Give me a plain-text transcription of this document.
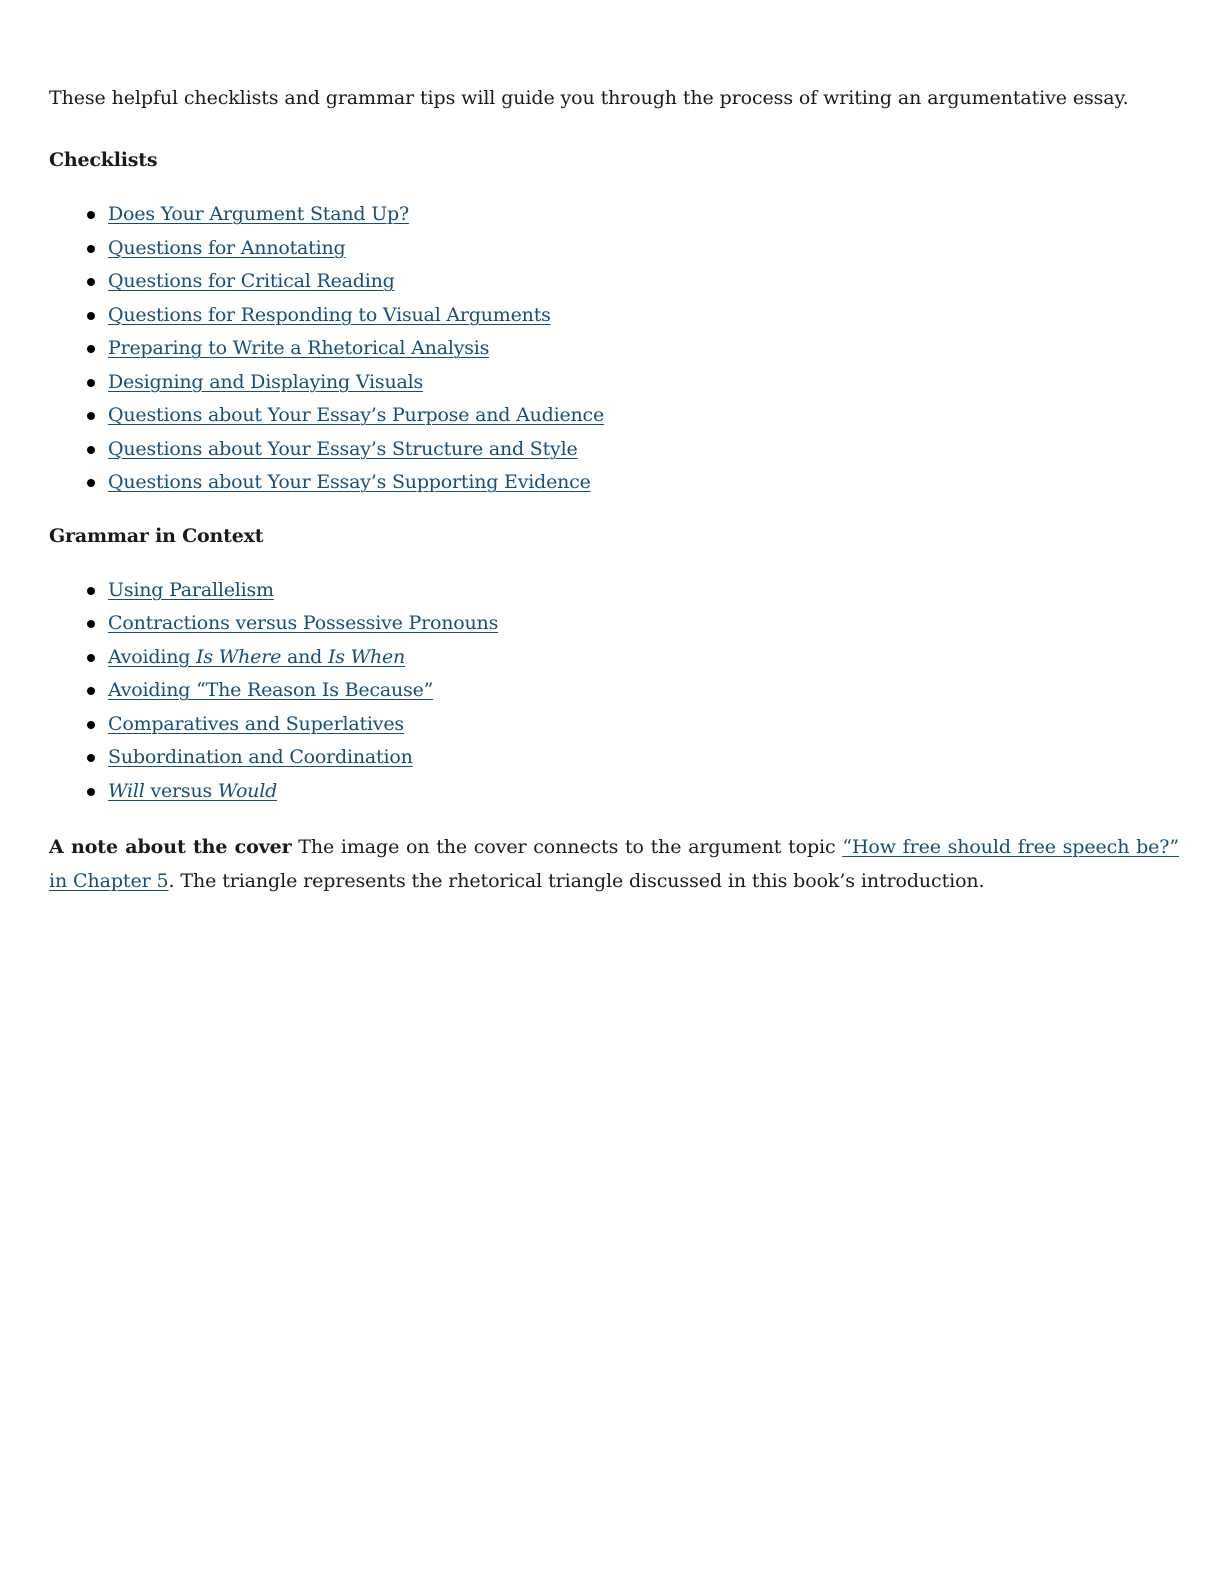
These helpful checklists and grammar tips will guide you through the process of writing an argumentative essay.

Checklists
Does Your Argument Stand Up?
Questions for Annotating
Questions for Critical Reading
Questions for Responding to Visual Arguments
Preparing to Write a Rhetorical Analysis
Designing and Displaying Visuals
Questions about Your Essay’s Purpose and Audience
Questions about Your Essay’s Structure and Style
Questions about Your Essay’s Supporting Evidence
Grammar in Context
Using Parallelism
Contractions versus Possessive Pronouns
Avoiding Is Where and Is When
Avoiding “The Reason Is Because”
Comparatives and Superlatives
Subordination and Coordination
Will versus Would

A note about the cover The image on the cover connects to the argument topic “How free should free speech be?” in Chapter 5. The triangle represents the rhetorical triangle discussed in this book’s introduction.
